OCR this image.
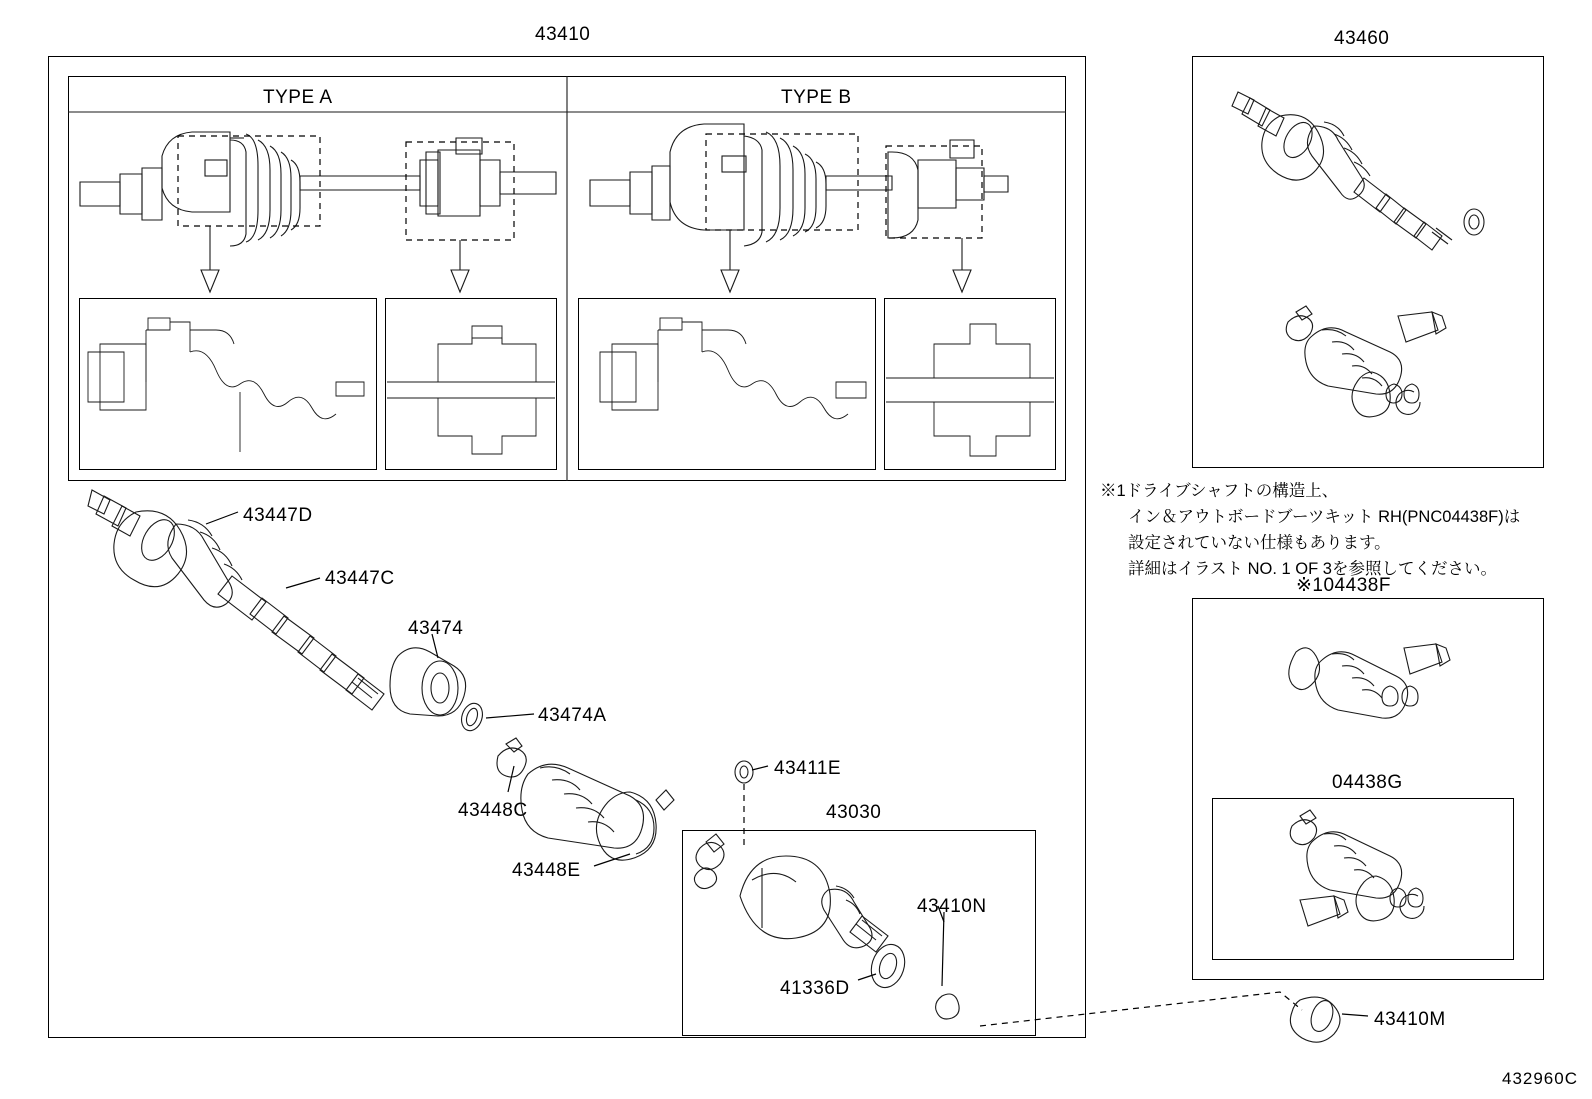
43410
TYPE A	TYPE B
43460
※1ドライブシャフトの構造上、
イン＆アウトボードブーツキット RH(PNC04438F)は
設定されていない仕様もあります。
詳細はイラスト NO. 1 OF 3を参照してください。
※104438F
04438G
43030
43447D
43447C
43474
43474A
43448C
43448E
43411E
43410N
41336D
43410M
432960C
